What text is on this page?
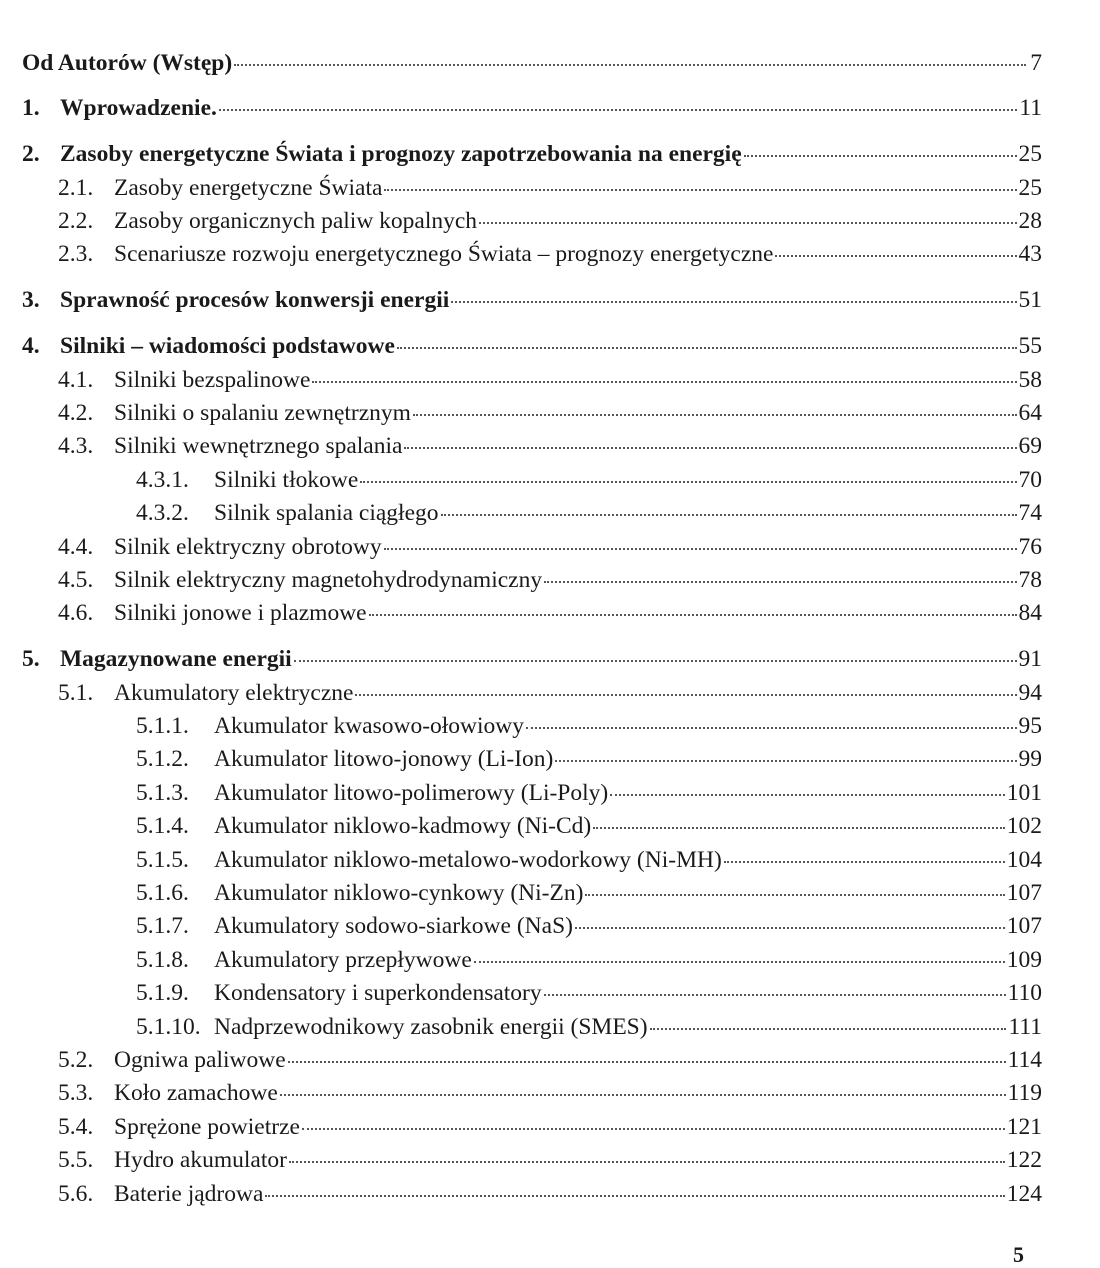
Od Autorów (Wstęp)	7
1. Wprowadzenie.	11
2. Zasoby energetyczne Świata i prognozy zapotrzebowania na energię	25
2.1. Zasoby energetyczne Świata	25
2.2. Zasoby organicznych paliw kopalnych	28
2.3. Scenariusze rozwoju energetycznego Świata – prognozy energetyczne	43
3. Sprawność procesów konwersji energii	51
4. Silniki – wiadomości podstawowe	55
4.1. Silniki bezspalinowe	58
4.2. Silniki o spalaniu zewnętrznym	64
4.3. Silniki wewnętrznego spalania	69
4.3.1.	Silniki tłokowe	70
4.3.2.	Silnik spalania ciągłego	74
4.4. Silnik elektryczny obrotowy	76
4.5. Silnik elektryczny magnetohydrodynamiczny	78
4.6. Silniki jonowe i plazmowe	84
5. Magazynowane energii	91
5.1. Akumulatory elektryczne	94
5.1.1.	Akumulator kwasowo-ołowiowy	95
5.1.2.	Akumulator litowo-jonowy (Li-Ion)	99
5.1.3.	Akumulator litowo-polimerowy (Li-Poly)	101
5.1.4.	Akumulator niklowo-kadmowy (Ni-Cd)	102
5.1.5.	Akumulator niklowo-metalowo-wodorkowy (Ni-MH)	104
5.1.6.	Akumulator niklowo-cynkowy (Ni-Zn)	107
5.1.7.	Akumulatory sodowo-siarkowe (NaS)	107
5.1.8.	Akumulatory przepływowe	109
5.1.9.	Kondensatory i superkondensatory	110
5.1.10. Nadprzewodnikowy zasobnik energii (SMES)	111
5.2. Ogniwa paliwowe	114
5.3. Koło zamachowe	119
5.4. Sprężone powietrze	121
5.5. Hydro akumulator	122
5.6. Baterie jądrowa	124
5
